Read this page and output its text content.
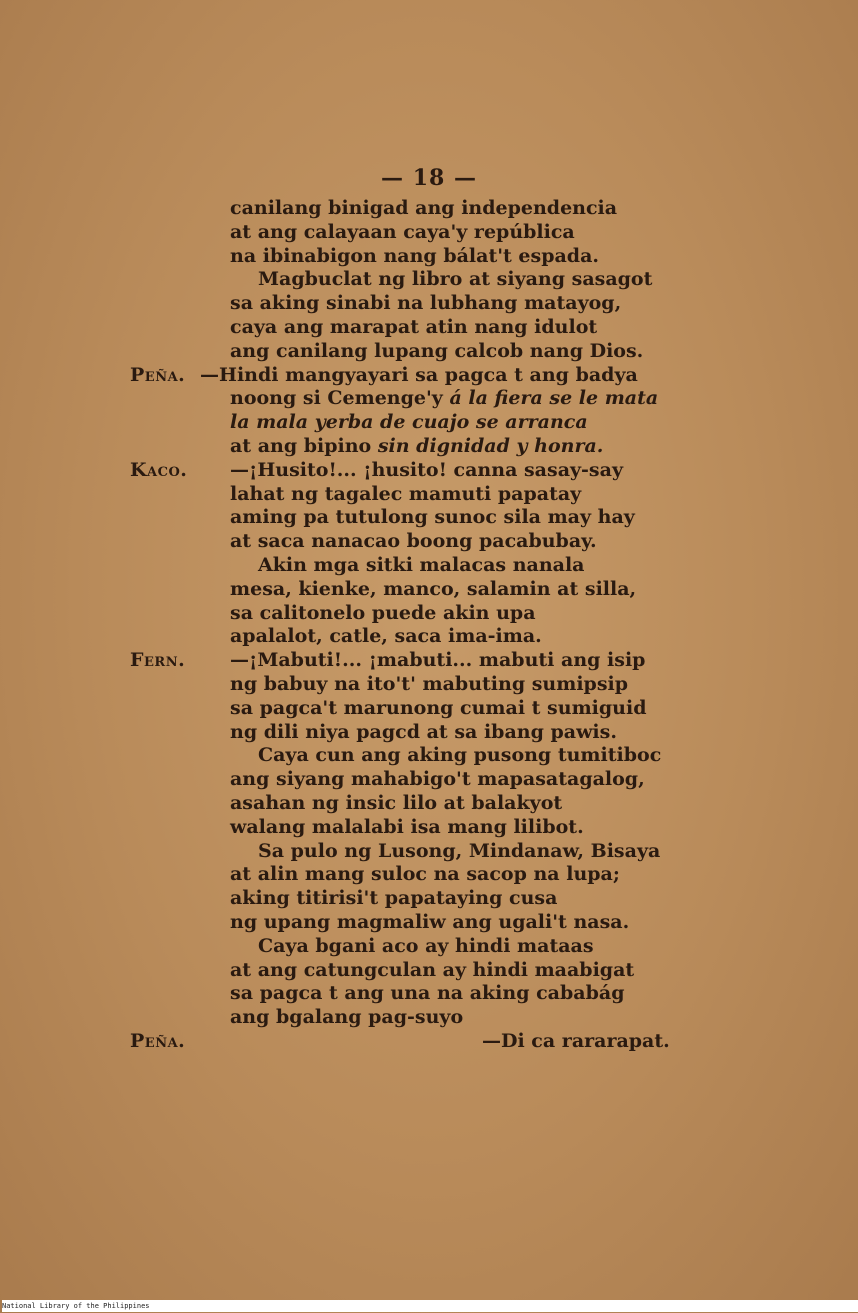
— 18 —
canilang binigad ang independencia
at ang calayaan caya'y república
na ibinabigon nang bálat't espada.
Magbuclat ng libro at siyang sasagot
sa aking sinabi na lubhang matayog,
caya ang marapat atin nang idulot
ang canilang lupang calcob nang Dios.
Peña. —Hindi mangyayari sa pagca t ang badya
noong si Cemenge'y á la fiera se le mata
la mala yerba de cuajo se arranca
at ang bipino sin dignidad y honra.
Kaco. —¡Husito!... ¡husito! canna sasay-say
lahat ng tagalec mamuti papatay
aming pa tutulong sunoc sila may hay
at saca nanacao boong pacabubay.
Akin mga sitki malacas nanala
mesa, kienke, manco, salamin at silla,
sa calitonelo puede akin upa
apalalot, catle, saca ima-ima.
Fern. —¡Mabuti!... ¡mabuti... mabuti ang isip
ng babuy na ito't' mabuting sumipsip
sa pagca't marunong cumai t sumiguid
ng dili niya pagcd at sa ibang pawis.
Caya cun ang aking pusong tumitiboc
ang siyang mahabigo't mapasatagalog,
asahan ng insic lilo at balakyot
walang malalabi isa mang lilibot.
Sa pulo ng Lusong, Mindanaw, Bisaya
at alin mang suloc na sacop na lupa;
aking titirisi't papataying cusa
ng upang magmaliw ang ugali't nasa.
Caya bgani aco ay hindi mataas
at ang catungculan ay hindi maabigat
sa pagca t ang una na aking cababág
ang bgalang pag-suyo
Peña.	—Di ca rararapat.
National Library of the Philippines
